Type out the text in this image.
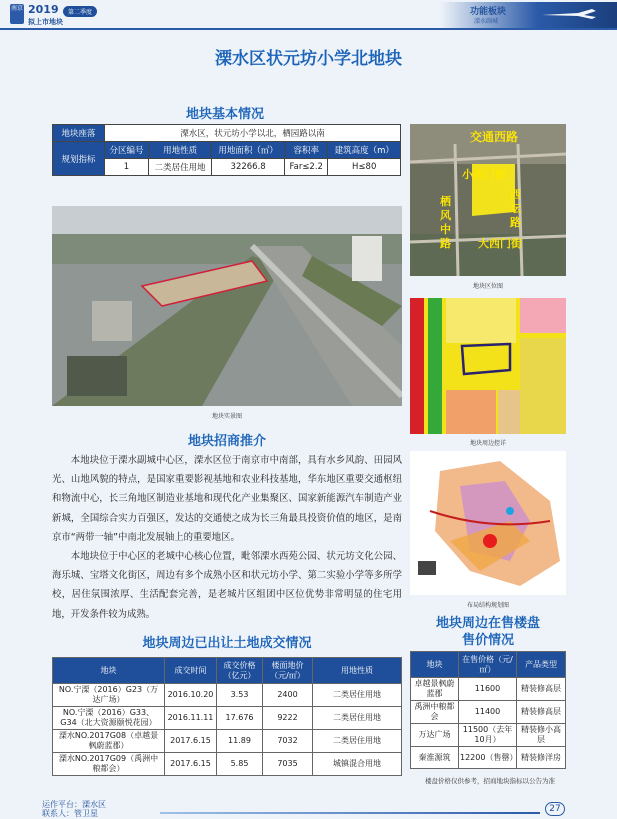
南京 2019	第二季度
拟上市地块
功能板块
溧水副城
溧水区状元坊小学北地块
地块基本情况
地块座落	溧水区，状元坊小学以北，栖园路以南				
规划指标	分区编号	用地性质	用地面积（㎡）	容积率	建筑高度（m）
	1	二类居住用地	32266.8	Far≤2.2	H≤80
地块实景图
交通西路
小西门街
栖风中路
西坛路
大西门街
地块区位图
地块周边控详
布局结构规划图
地块招商推介

本地块位于溧水副城中心区，溧水区位于南京市中南部，具有水乡风韵、田园风光、山地风貌的特点，是国家重要影视基地和农业科技基地，华东地区重要交通枢纽和物流中心，长三角地区制造业基地和现代化产业集聚区、国家新能源汽车制造产业新城，全国综合实力百强区，发达的交通使之成为长三角最具投资价值的地区，是南京市“两带一轴”中南北发展轴上的重要地区。

本地块位于中心区的老城中心核心位置，毗邻溧水西苑公园、状元坊文化公园、海乐城、宝塔文化街区，周边有多个成熟小区和状元坊小学、第二实验小学等多所学校，居住氛围浓厚、生活配套完善，是老城片区组团中区位优势非常明显的住宅用地，开发条件较为成熟。

地块周边已出让土地成交情况
地块	成交时间	成交价格（亿元）	楼面地价（元/㎡）	用地性质
NO.宁溧（2016）G23（万达广场）	2016.10.20	3.53	2400	二类居住用地
NO.宁溧（2016）G33、G34（北大资源颐悦花园）	2016.11.11	17.676	9222	二类居住用地
溧水NO.2017G08（卓越景枫蔚蓝郡）	2017.6.15	11.89	7032	二类居住用地
溧水NO.2017G09（禹洲中粮都会）	2017.6.15	5.85	7035	城镇混合用地
地块周边在售楼盘
售价情况
地块	在售价格（元/㎡）	产品类型
卓越景枫蔚蓝郡	11600	精装修高层
禹洲中粮都会	11400	精装修高层
万达广场	11500（去年10月）	精装修小高层
秦淮源筑	12200（售罄）	精装修洋房
楼盘价格仅供参考，招商地块指标以公告为准
运作平台：溧水区
联系人：管卫星	27
